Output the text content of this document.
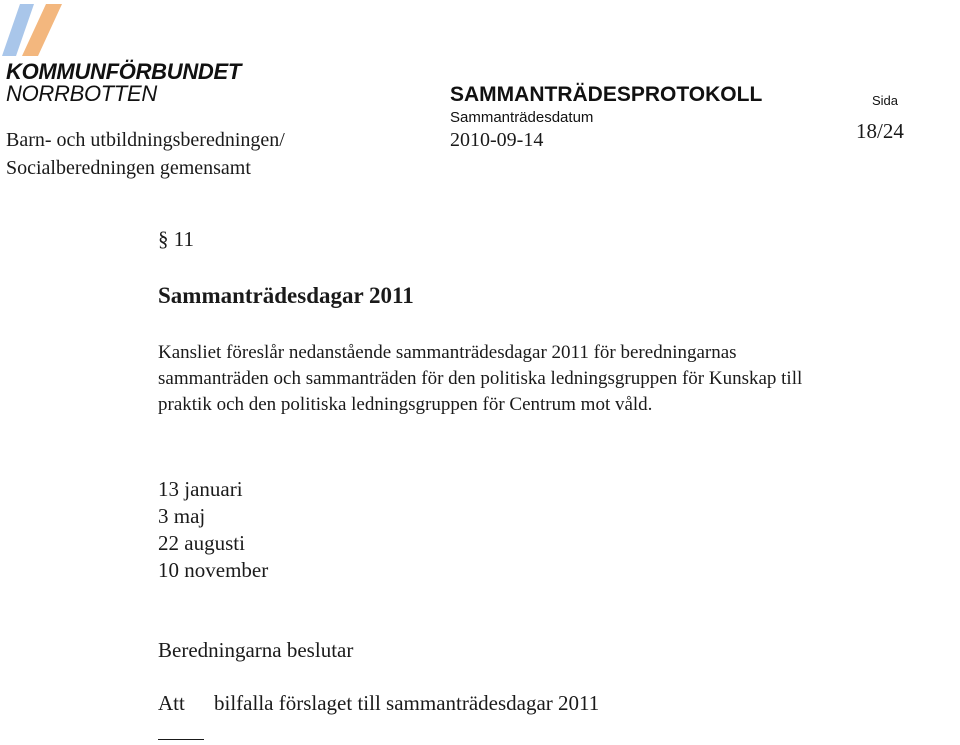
KOMMUNFÖRBUNDET
NORRBOTTEN	SAMMANTRÄDESPROTOKOLL	Sida
Sammanträdesdatum
2010-09-14	18/24
Barn- och utbildningsberedningen/
Socialberedningen gemensamt
§ 11
Sammanträdesdagar 2011
Kansliet föreslår nedanstående sammanträdesdagar 2011 för beredningarnas
sammanträden och sammanträden för den politiska ledningsgruppen för Kunskap till
praktik och den politiska ledningsgruppen för Centrum mot våld.
13 januari
3 maj
22 augusti
10 november
Beredningarna beslutar
Att bilfalla förslaget till sammanträdesdagar 2011
